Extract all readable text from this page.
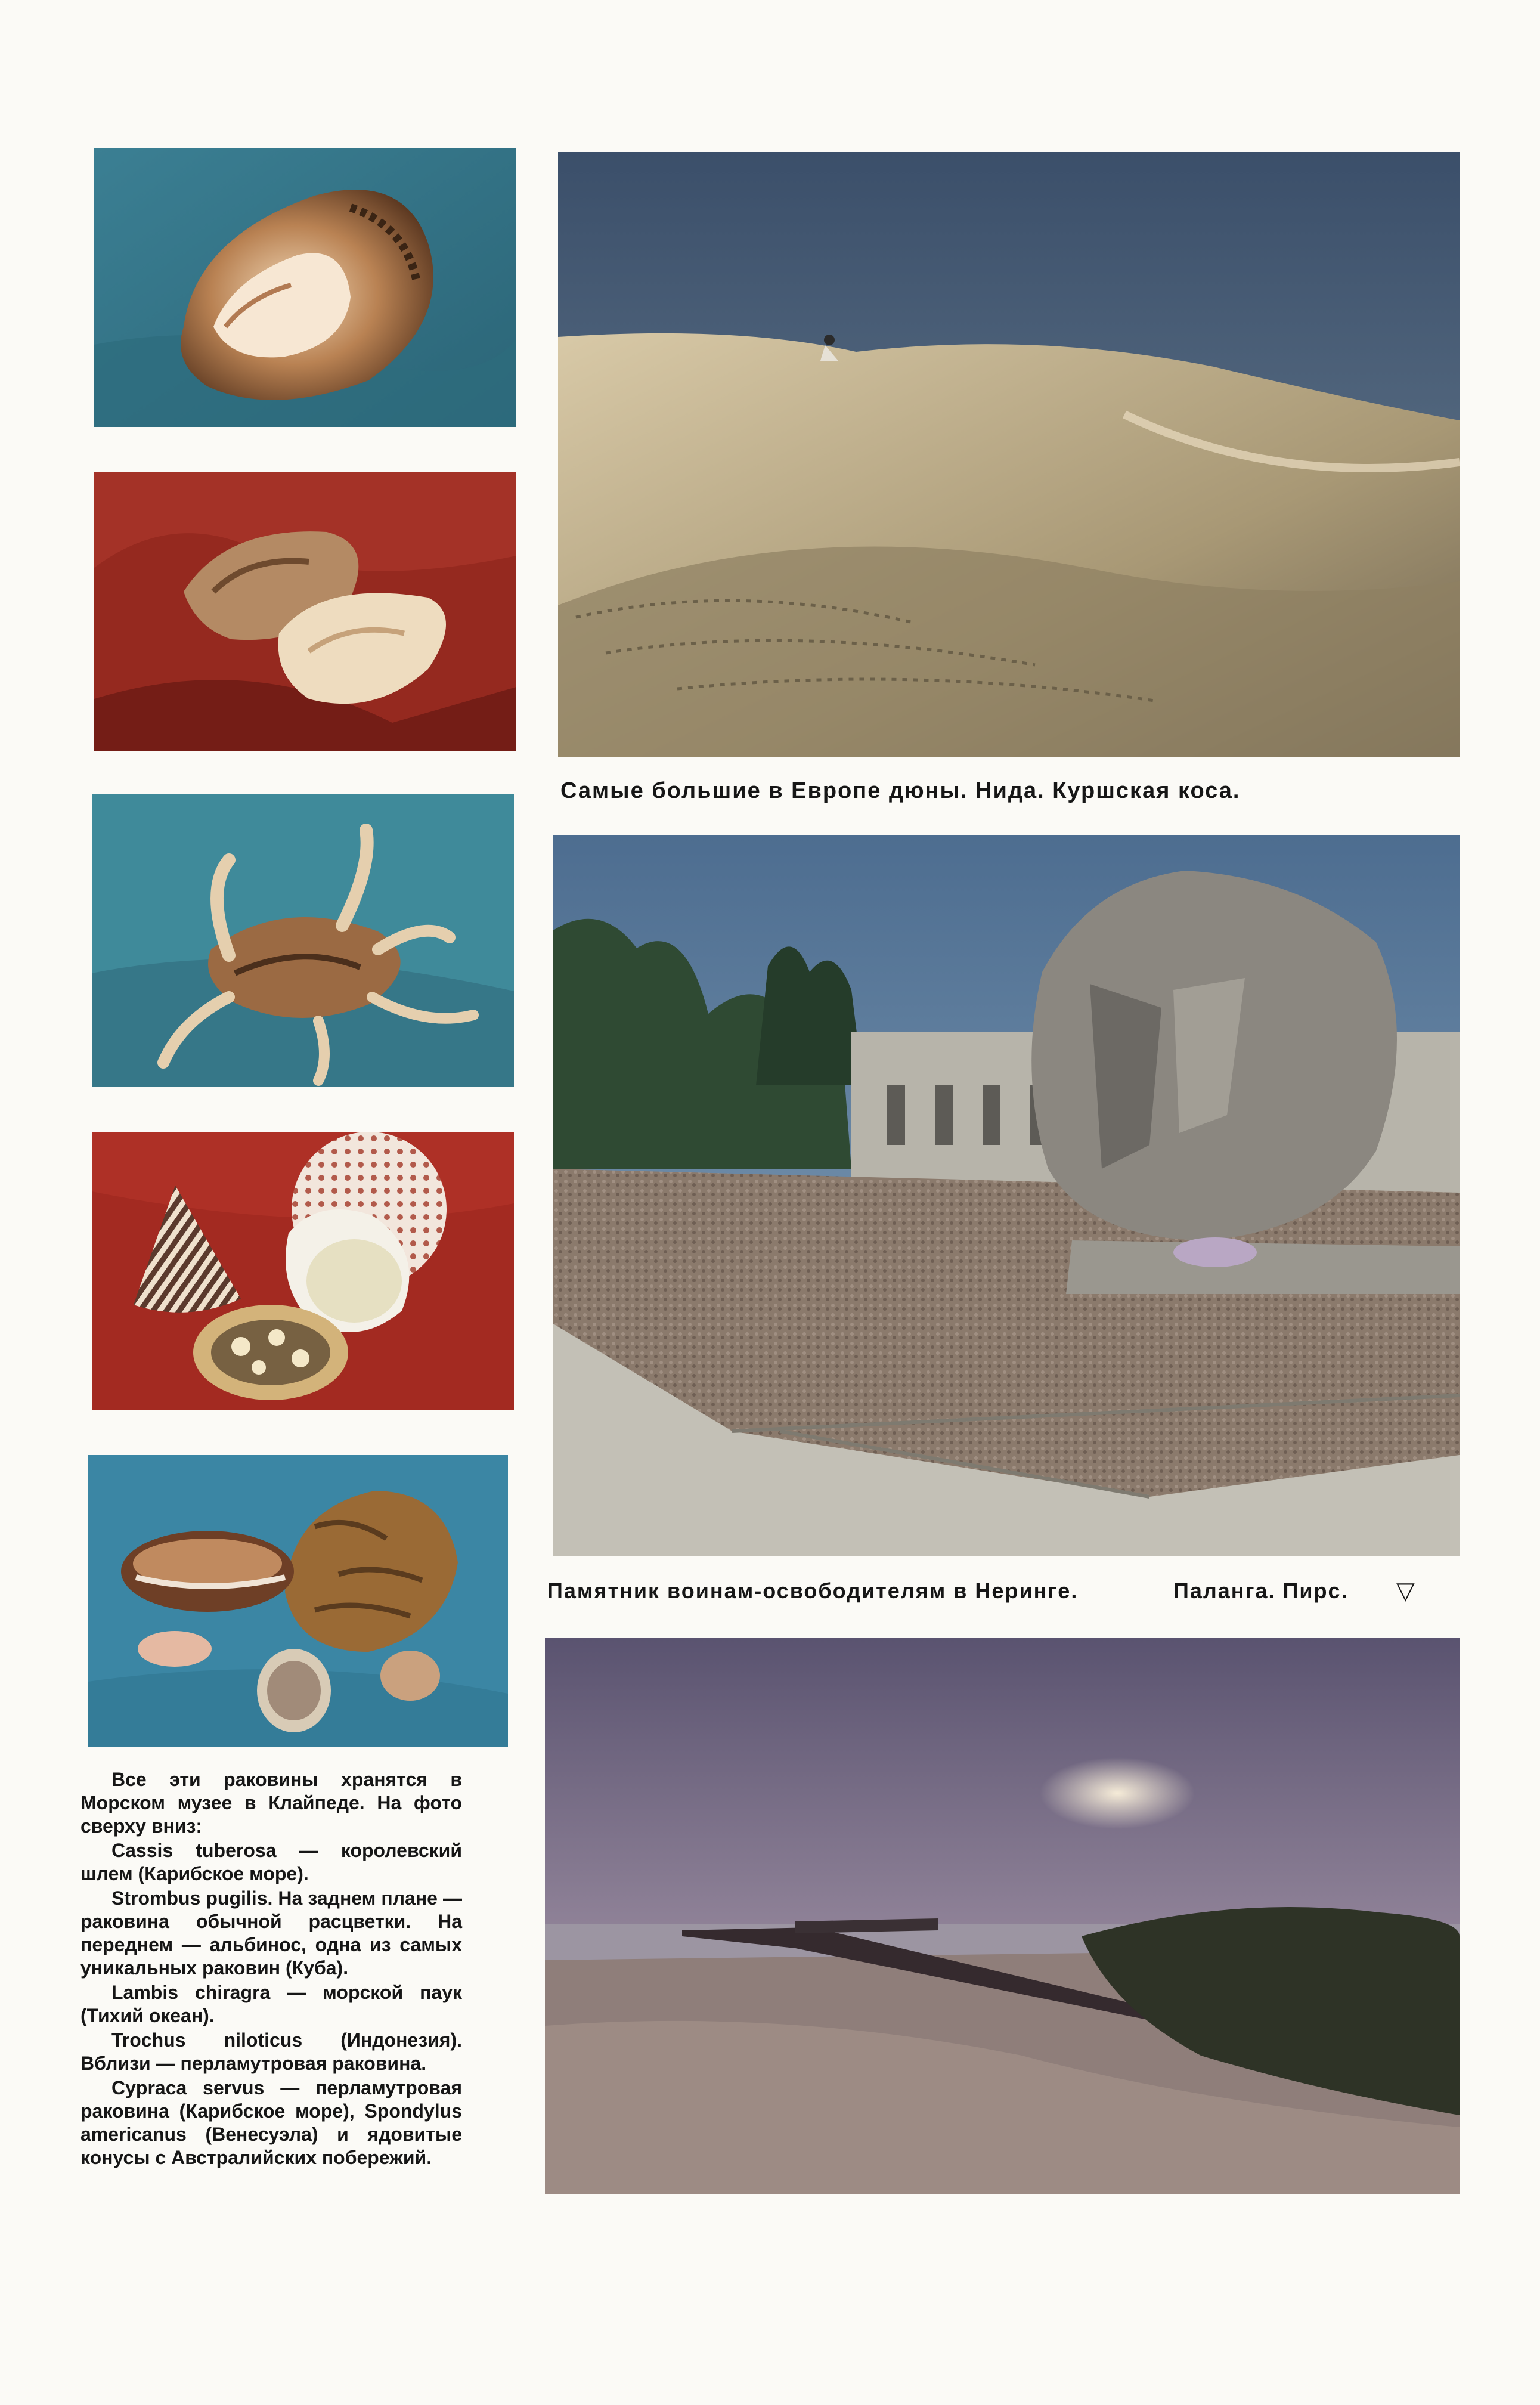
Все эти раковины хранятся в Морском музее в Клайпеде. На фото сверху вниз:

Cassis tuberosa — королевский шлем (Карибское море).

Strombus pugilis. На заднем плане — раковина обычной расцветки. На переднем — альбинос, одна из самых уникальных раковин (Куба).

Lambis chiragra — морской паук (Тихий океан).

Trochus niloticus (Индонезия). Вблизи — перламутровая раковина.

Cypraca servus — перламутровая раковина (Карибское море), Spondylus americanus (Венесуэла) и ядовитые конусы с Австралийских побережий.

Самые большие в Европе дюны. Нида. Куршская коса.
Памятник воинам-освободителям в Неринге.	Паланга. Пирс. ▽
